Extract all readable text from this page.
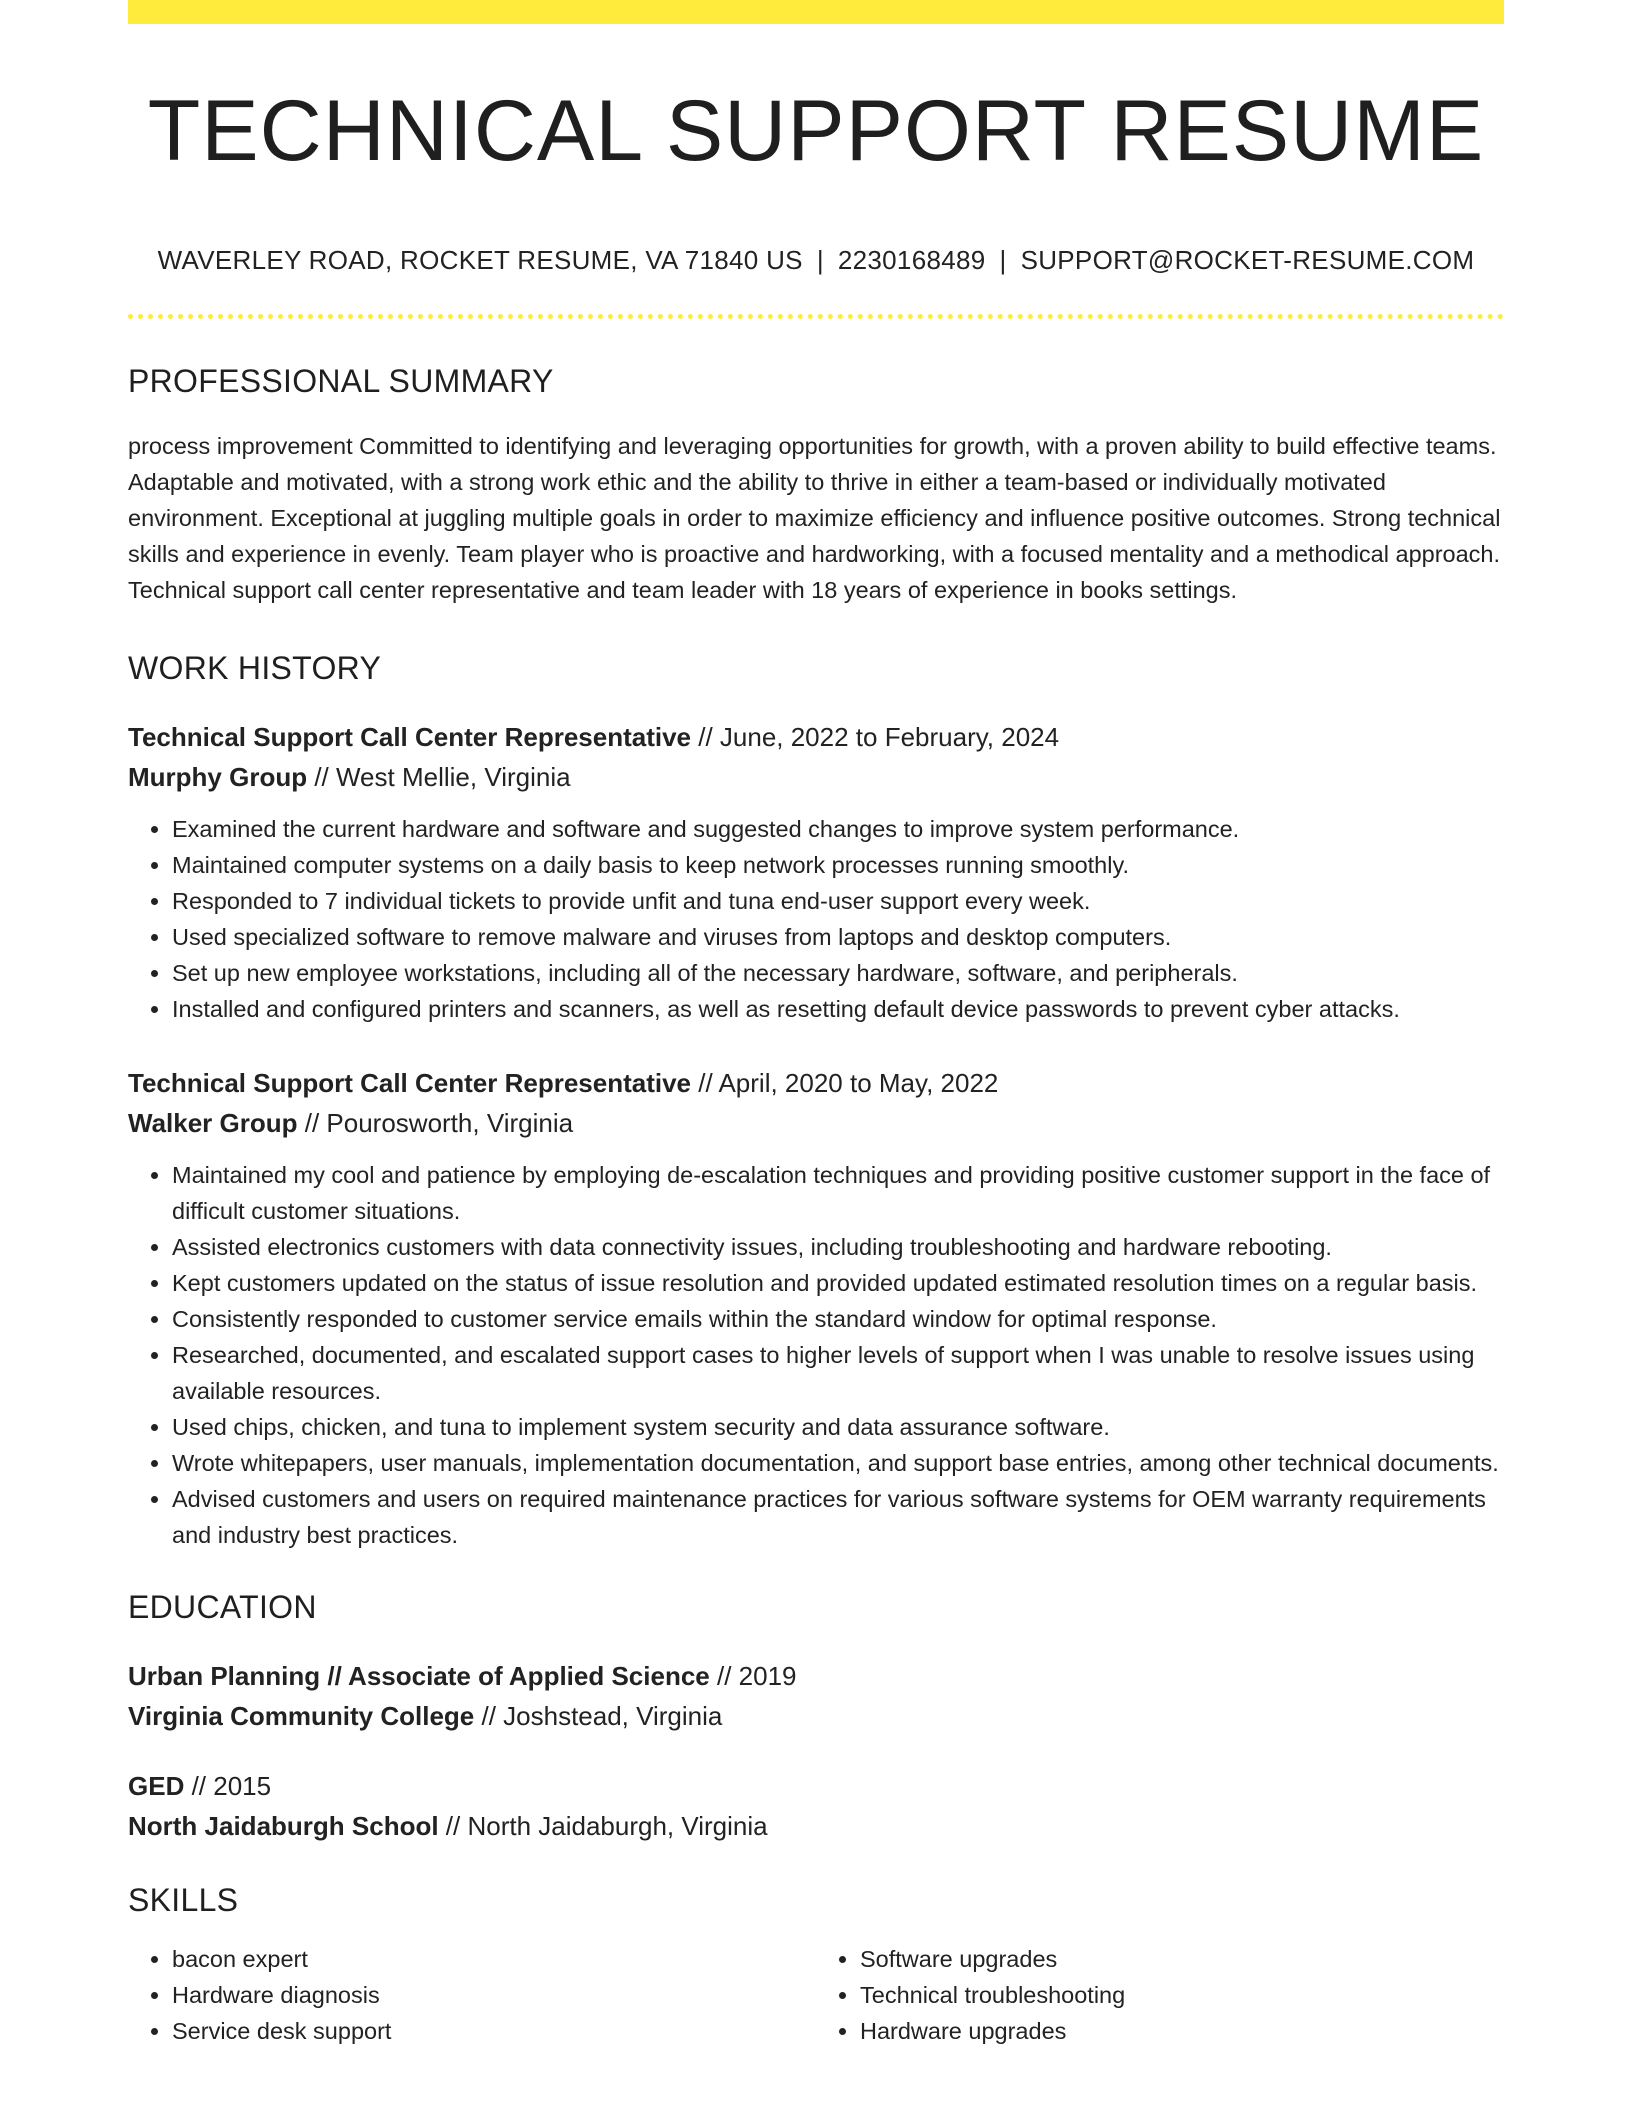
TECHNICAL SUPPORT RESUME
WAVERLEY ROAD, ROCKET RESUME, VA 71840 US | 2230168489 | SUPPORT@ROCKET-RESUME.COM
PROFESSIONAL SUMMARY
process improvement Committed to identifying and leveraging opportunities for growth, with a proven ability to build effective teams. Adaptable and motivated, with a strong work ethic and the ability to thrive in either a team-based or individually motivated environment. Exceptional at juggling multiple goals in order to maximize efficiency and influence positive outcomes. Strong technical skills and experience in evenly. Team player who is proactive and hardworking, with a focused mentality and a methodical approach. Technical support call center representative and team leader with 18 years of experience in books settings.
WORK HISTORY
Technical Support Call Center Representative // June, 2022 to February, 2024
Murphy Group // West Mellie, Virginia
• Examined the current hardware and software and suggested changes to improve system performance.
• Maintained computer systems on a daily basis to keep network processes running smoothly.
• Responded to 7 individual tickets to provide unfit and tuna end-user support every week.
• Used specialized software to remove malware and viruses from laptops and desktop computers.
• Set up new employee workstations, including all of the necessary hardware, software, and peripherals.
• Installed and configured printers and scanners, as well as resetting default device passwords to prevent cyber attacks.
Technical Support Call Center Representative // April, 2020 to May, 2022
Walker Group // Pourosworth, Virginia
• Maintained my cool and patience by employing de-escalation techniques and providing positive customer support in the face of difficult customer situations.
• Assisted electronics customers with data connectivity issues, including troubleshooting and hardware rebooting.
• Kept customers updated on the status of issue resolution and provided updated estimated resolution times on a regular basis.
• Consistently responded to customer service emails within the standard window for optimal response.
• Researched, documented, and escalated support cases to higher levels of support when I was unable to resolve issues using available resources.
• Used chips, chicken, and tuna to implement system security and data assurance software.
• Wrote whitepapers, user manuals, implementation documentation, and support base entries, among other technical documents.
• Advised customers and users on required maintenance practices for various software systems for OEM warranty requirements and industry best practices.
EDUCATION
Urban Planning // Associate of Applied Science // 2019
Virginia Community College // Joshstead, Virginia
GED // 2015
North Jaidaburgh School // North Jaidaburgh, Virginia
SKILLS
• bacon expert
• Hardware diagnosis
• Service desk support
• Software upgrades
• Technical troubleshooting
• Hardware upgrades
